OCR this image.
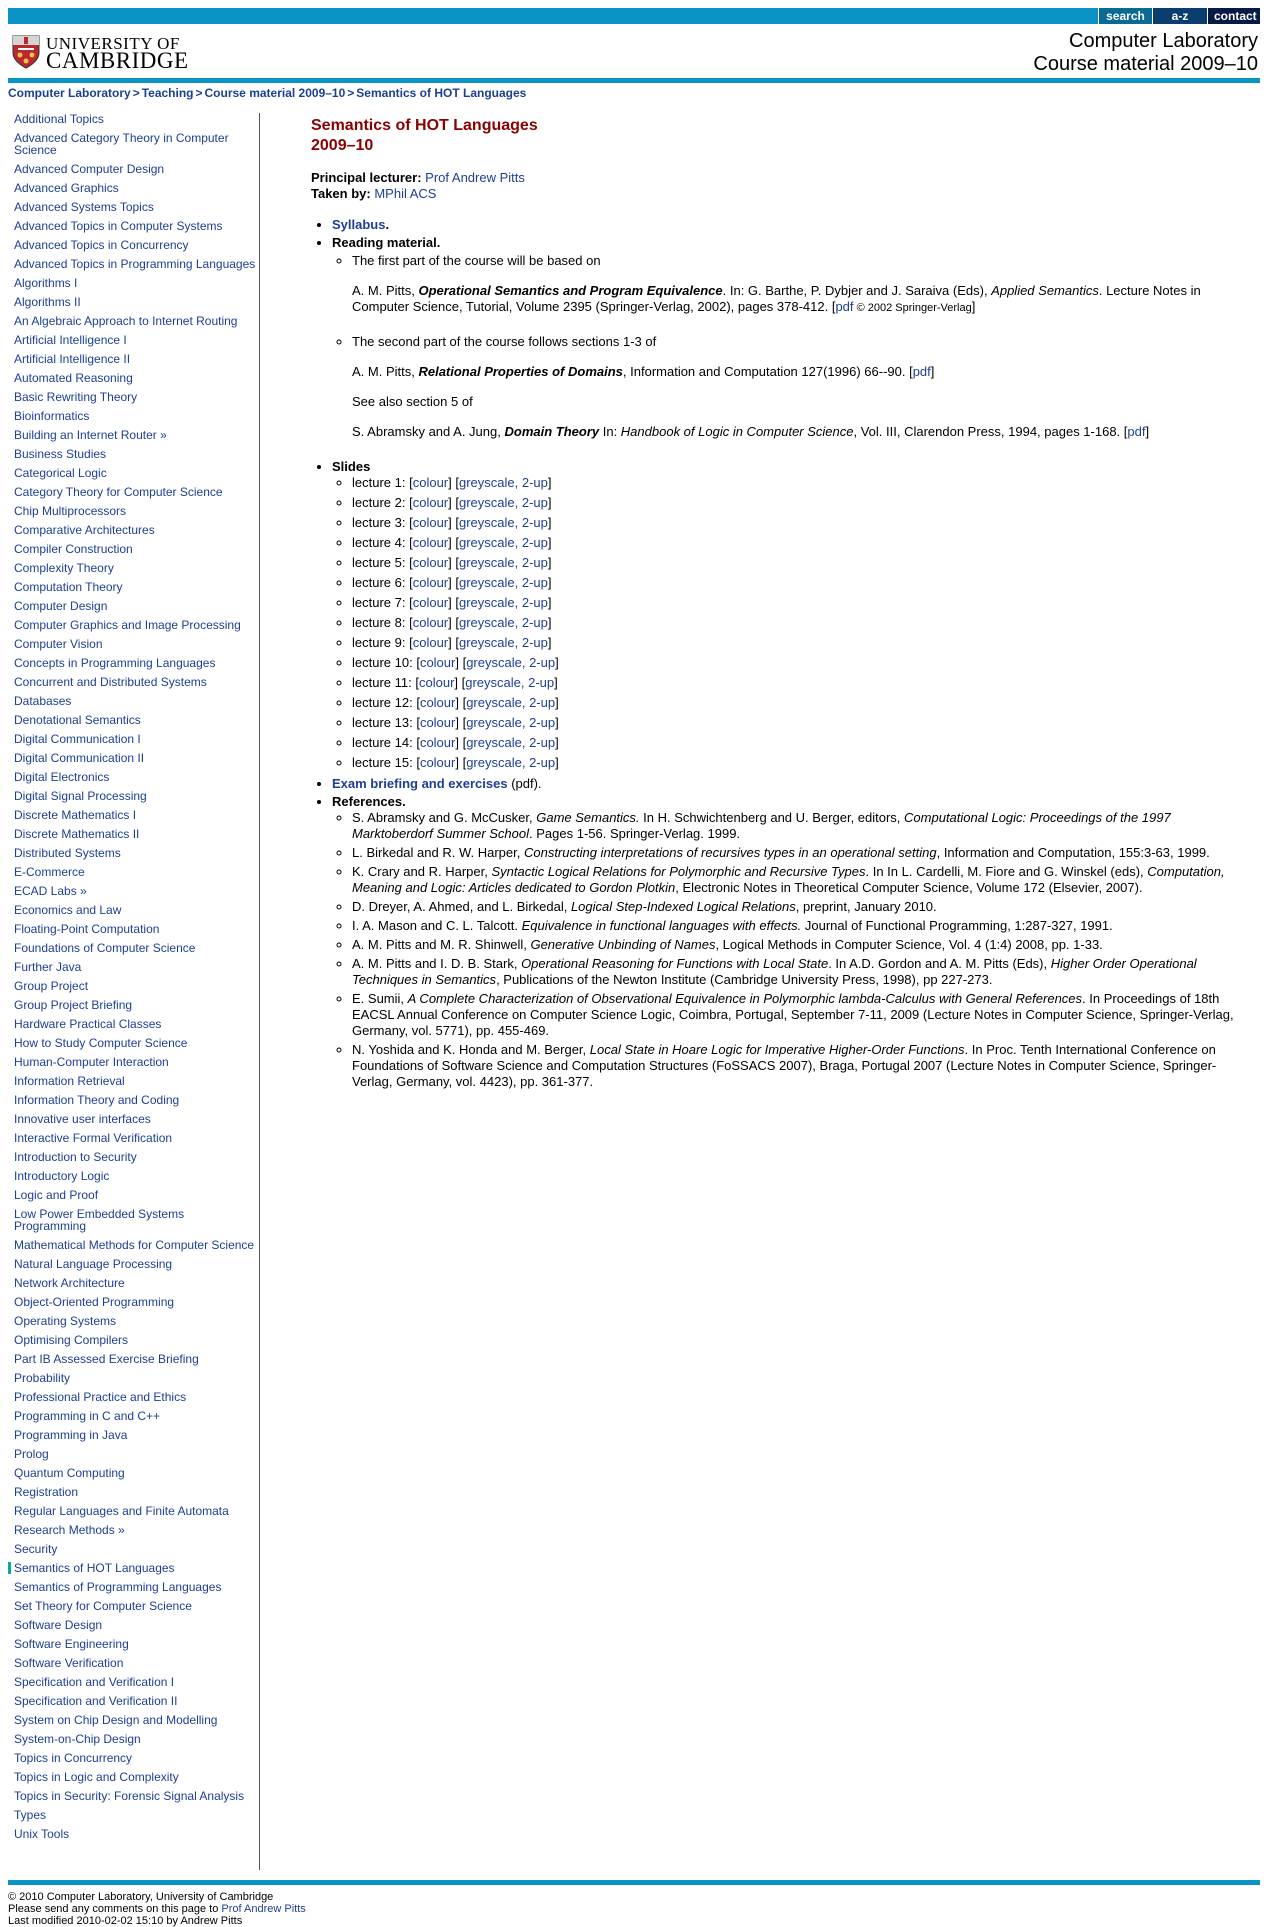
search	a-z	contact
UNIVERSITY OF
CAMBRIDGE
Computer Laboratory
Course material 2009–10
Computer Laboratory > Teaching > Course material 2009–10 > Semantics of HOT Languages
Additional Topics
Advanced Category Theory in Computer Science
Advanced Computer Design
Advanced Graphics
Advanced Systems Topics
Advanced Topics in Computer Systems
Advanced Topics in Concurrency
Advanced Topics in Programming Languages
Algorithms I
Algorithms II
An Algebraic Approach to Internet Routing
Artificial Intelligence I
Artificial Intelligence II
Automated Reasoning
Basic Rewriting Theory
Bioinformatics
Building an Internet Router »
Business Studies
Categorical Logic
Category Theory for Computer Science
Chip Multiprocessors
Comparative Architectures
Compiler Construction
Complexity Theory
Computation Theory
Computer Design
Computer Graphics and Image Processing
Computer Vision
Concepts in Programming Languages
Concurrent and Distributed Systems
Databases
Denotational Semantics
Digital Communication I
Digital Communication II
Digital Electronics
Digital Signal Processing
Discrete Mathematics I
Discrete Mathematics II
Distributed Systems
E-Commerce
ECAD Labs »
Economics and Law
Floating-Point Computation
Foundations of Computer Science
Further Java
Group Project
Group Project Briefing
Hardware Practical Classes
How to Study Computer Science
Human-Computer Interaction
Information Retrieval
Information Theory and Coding
Innovative user interfaces
Interactive Formal Verification
Introduction to Security
Introductory Logic
Logic and Proof
Low Power Embedded Systems Programming
Mathematical Methods for Computer Science
Natural Language Processing
Network Architecture
Object-Oriented Programming
Operating Systems
Optimising Compilers
Part IB Assessed Exercise Briefing
Probability
Professional Practice and Ethics
Programming in C and C++
Programming in Java
Prolog
Quantum Computing
Registration
Regular Languages and Finite Automata
Research Methods »
Security
Semantics of HOT Languages
Semantics of Programming Languages
Set Theory for Computer Science
Software Design
Software Engineering
Software Verification
Specification and Verification I
Specification and Verification II
System on Chip Design and Modelling
System-on-Chip Design
Topics in Concurrency
Topics in Logic and Complexity
Topics in Security: Forensic Signal Analysis
Types
Unix Tools
Semantics of HOT Languages
2009–10
Principal lecturer: Prof Andrew Pitts
Taken by: MPhil ACS
• Syllabus.
• Reading material.
◦ The first part of the course will be based on
A. M. Pitts, Operational Semantics and Program Equivalence. In: G. Barthe, P. Dybjer and J. Saraiva (Eds), Applied Semantics. Lecture Notes in Computer Science, Tutorial, Volume 2395 (Springer-Verlag, 2002), pages 378-412. [pdf © 2002 Springer-Verlag]
◦ The second part of the course follows sections 1-3 of
A. M. Pitts, Relational Properties of Domains, Information and Computation 127(1996) 66--90. [pdf]
See also section 5 of
S. Abramsky and A. Jung, Domain Theory In: Handbook of Logic in Computer Science, Vol. III, Clarendon Press, 1994, pages 1-168. [pdf]
• Slides
◦ lecture 1: [colour] [greyscale, 2-up]
◦ lecture 2: [colour] [greyscale, 2-up]
◦ lecture 3: [colour] [greyscale, 2-up]
◦ lecture 4: [colour] [greyscale, 2-up]
◦ lecture 5: [colour] [greyscale, 2-up]
◦ lecture 6: [colour] [greyscale, 2-up]
◦ lecture 7: [colour] [greyscale, 2-up]
◦ lecture 8: [colour] [greyscale, 2-up]
◦ lecture 9: [colour] [greyscale, 2-up]
◦ lecture 10: [colour] [greyscale, 2-up]
◦ lecture 11: [colour] [greyscale, 2-up]
◦ lecture 12: [colour] [greyscale, 2-up]
◦ lecture 13: [colour] [greyscale, 2-up]
◦ lecture 14: [colour] [greyscale, 2-up]
◦ lecture 15: [colour] [greyscale, 2-up]
• Exam briefing and exercises (pdf).
• References.
◦ S. Abramsky and G. McCusker, Game Semantics. In H. Schwichtenberg and U. Berger, editors, Computational Logic: Proceedings of the 1997 Marktoberdorf Summer School. Pages 1-56. Springer-Verlag. 1999.
◦ L. Birkedal and R. W. Harper, Constructing interpretations of recursives types in an operational setting, Information and Computation, 155:3-63, 1999.
◦ K. Crary and R. Harper, Syntactic Logical Relations for Polymorphic and Recursive Types. In In L. Cardelli, M. Fiore and G. Winskel (eds), Computation, Meaning and Logic: Articles dedicated to Gordon Plotkin, Electronic Notes in Theoretical Computer Science, Volume 172 (Elsevier, 2007).
◦ D. Dreyer, A. Ahmed, and L. Birkedal, Logical Step-Indexed Logical Relations, preprint, January 2010.
◦ I. A. Mason and C. L. Talcott. Equivalence in functional languages with effects. Journal of Functional Programming, 1:287-327, 1991.
◦ A. M. Pitts and M. R. Shinwell, Generative Unbinding of Names, Logical Methods in Computer Science, Vol. 4 (1:4) 2008, pp. 1-33.
◦ A. M. Pitts and I. D. B. Stark, Operational Reasoning for Functions with Local State. In A.D. Gordon and A. M. Pitts (Eds), Higher Order Operational Techniques in Semantics, Publications of the Newton Institute (Cambridge University Press, 1998), pp 227-273.
◦ E. Sumii, A Complete Characterization of Observational Equivalence in Polymorphic lambda-Calculus with General References. In Proceedings of 18th EACSL Annual Conference on Computer Science Logic, Coimbra, Portugal, September 7-11, 2009 (Lecture Notes in Computer Science, Springer-Verlag, Germany, vol. 5771), pp. 455-469.
◦ N. Yoshida and K. Honda and M. Berger, Local State in Hoare Logic for Imperative Higher-Order Functions. In Proc. Tenth International Conference on Foundations of Software Science and Computation Structures (FoSSACS 2007), Braga, Portugal 2007 (Lecture Notes in Computer Science, Springer-Verlag, Germany, vol. 4423), pp. 361-377.
© 2010 Computer Laboratory, University of Cambridge
Please send any comments on this page to Prof Andrew Pitts
Last modified 2010-02-02 15:10 by Andrew Pitts
